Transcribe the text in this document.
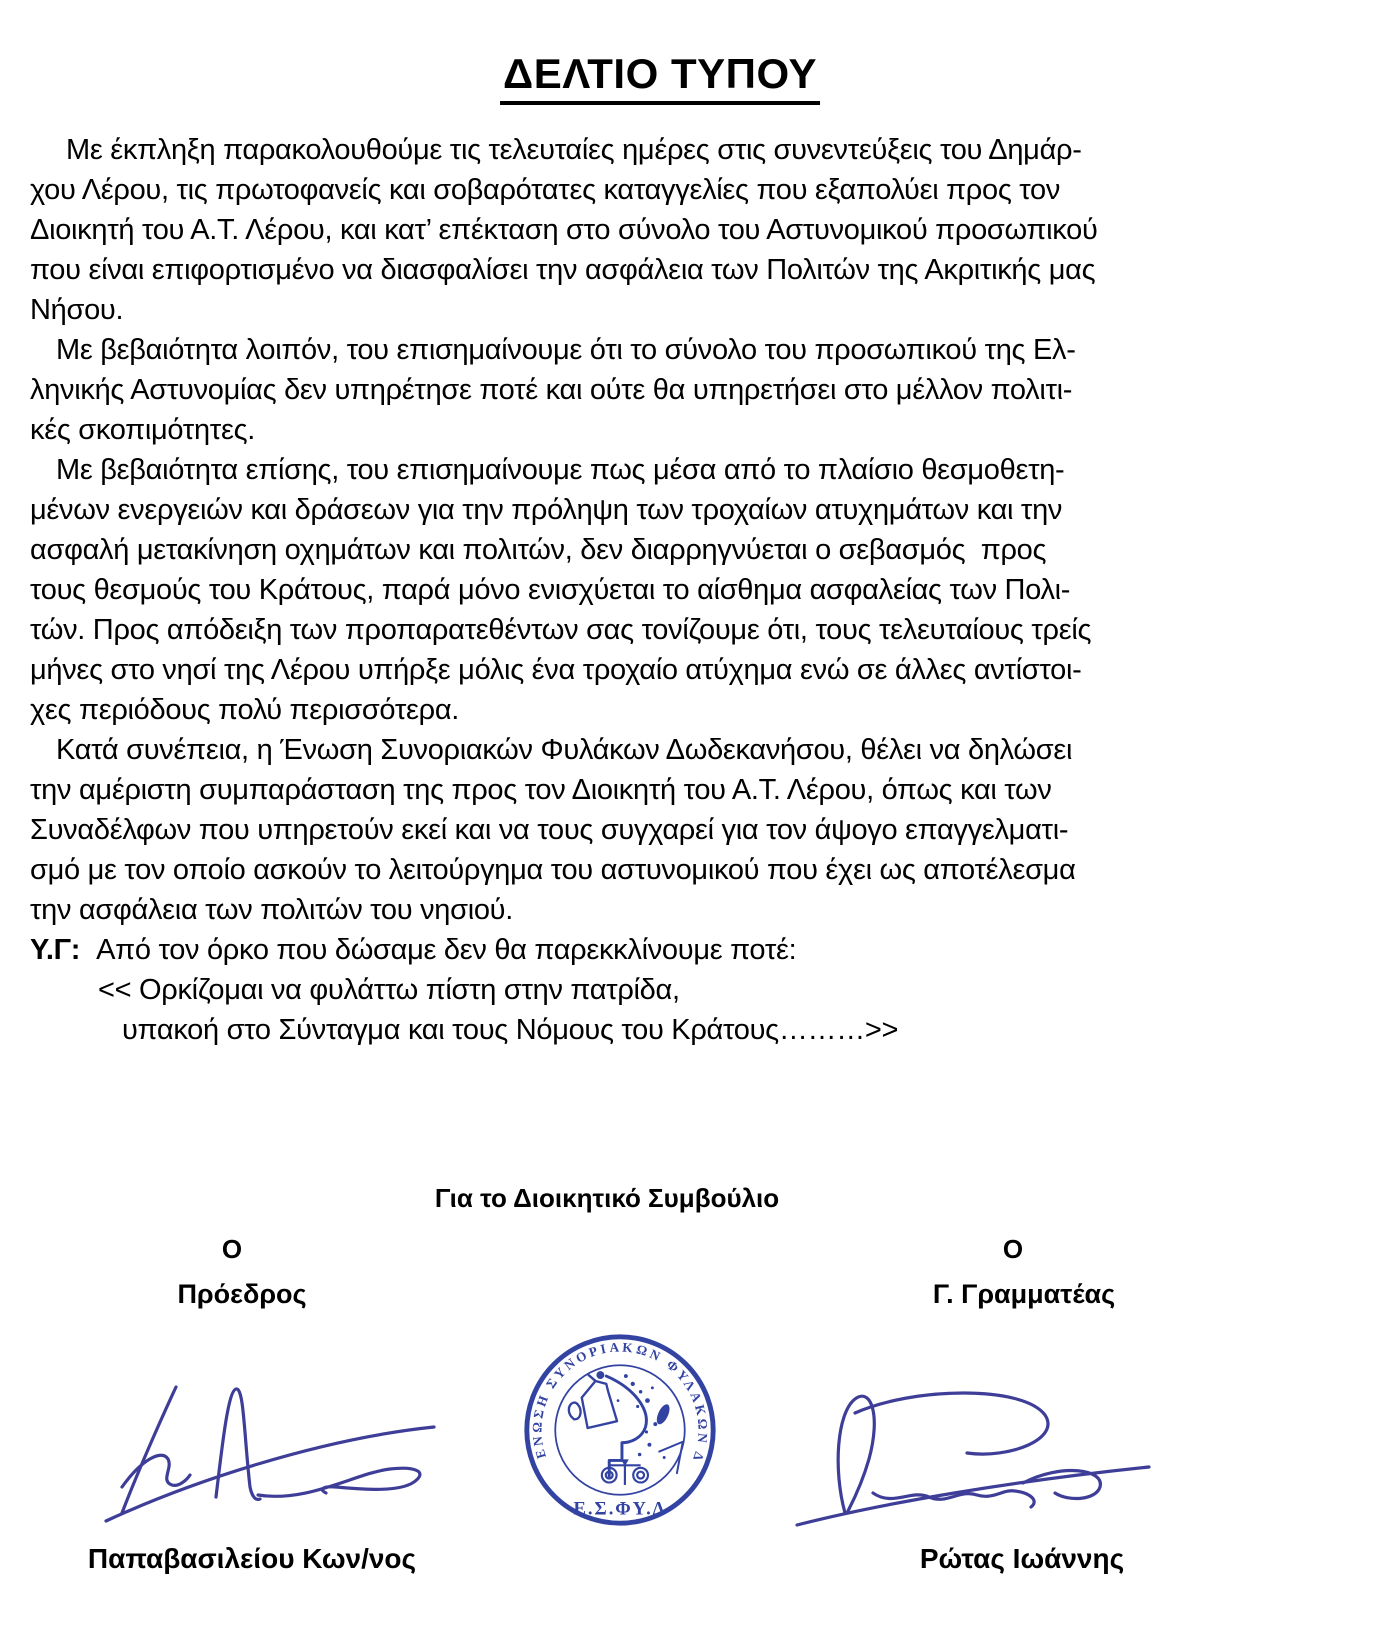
ΔΕΛΤΙΟ ΤΥΠΟΥ
Με έκπληξη παρακολουθούμε τις τελευταίες ημέρες στις συνεντεύξεις του Δημάρ-
χου Λέρου, τις πρωτοφανείς και σοβαρότατες καταγγελίες που εξαπολύει προς τον
Διοικητή του Α.Τ. Λέρου, και κατ’ επέκταση στο σύνολο του Αστυνομικού προσωπικού
που είναι επιφορτισμένο να διασφαλίσει την ασφάλεια των Πολιτών της Ακριτικής μας
Νήσου.
Με βεβαιότητα λοιπόν, του επισημαίνουμε ότι το σύνολο του προσωπικού της Ελ-
ληνικής Αστυνομίας δεν υπηρέτησε ποτέ και ούτε θα υπηρετήσει στο μέλλον πολιτι-
κές σκοπιμότητες.
Με βεβαιότητα επίσης, του επισημαίνουμε πως μέσα από το πλαίσιο θεσμοθετη-
μένων ενεργειών και δράσεων για την πρόληψη των τροχαίων ατυχημάτων και την
ασφαλή μετακίνηση οχημάτων και πολιτών, δεν διαρρηγνύεται ο σεβασμός  προς
τους θεσμούς του Κράτους, παρά μόνο ενισχύεται το αίσθημα ασφαλείας των Πολι-
τών. Προς απόδειξη των προπαρατεθέντων σας τονίζουμε ότι, τους τελευταίους τρείς
μήνες στο νησί της Λέρου υπήρξε μόλις ένα τροχαίο ατύχημα ενώ σε άλλες αντίστοι-
χες περιόδους πολύ περισσότερα.
Κατά συνέπεια, η Ένωση Συνοριακών Φυλάκων Δωδεκανήσου, θέλει να δηλώσει
την αμέριστη συμπαράσταση της προς τον Διοικητή του Α.Τ. Λέρου, όπως και των
Συναδέλφων που υπηρετούν εκεί και να τους συγχαρεί για τον άψογο επαγγελματι-
σμό με τον οποίο ασκούν το λειτούργημα του αστυνομικού που έχει ως αποτέλεσμα
την ασφάλεια των πολιτών του νησιού.
Υ.Γ: Από τον όρκο που δώσαμε δεν θα παρεκκλίνουμε ποτέ:
<< Ορκίζομαι να φυλάττω πίστη στην πατρίδα,
υπακοή στο Σύνταγμα και τους Νόμους του Κράτους………>>
Για το Διοικητικό Συμβούλιο
Ο	Ο
Πρόεδρος	Γ. Γραμματέας
ΕΝΩΣΗ ΣΥΝΟΡΙΑΚΩΝ ΦΥΛΑΚΩΝ ΔΩΔΕΚΑΝΗΣΟΥ
Ε.Σ.ΦΥ.Δ
Παπαβασιλείου Κων/νος	Ρώτας Ιωάννης
